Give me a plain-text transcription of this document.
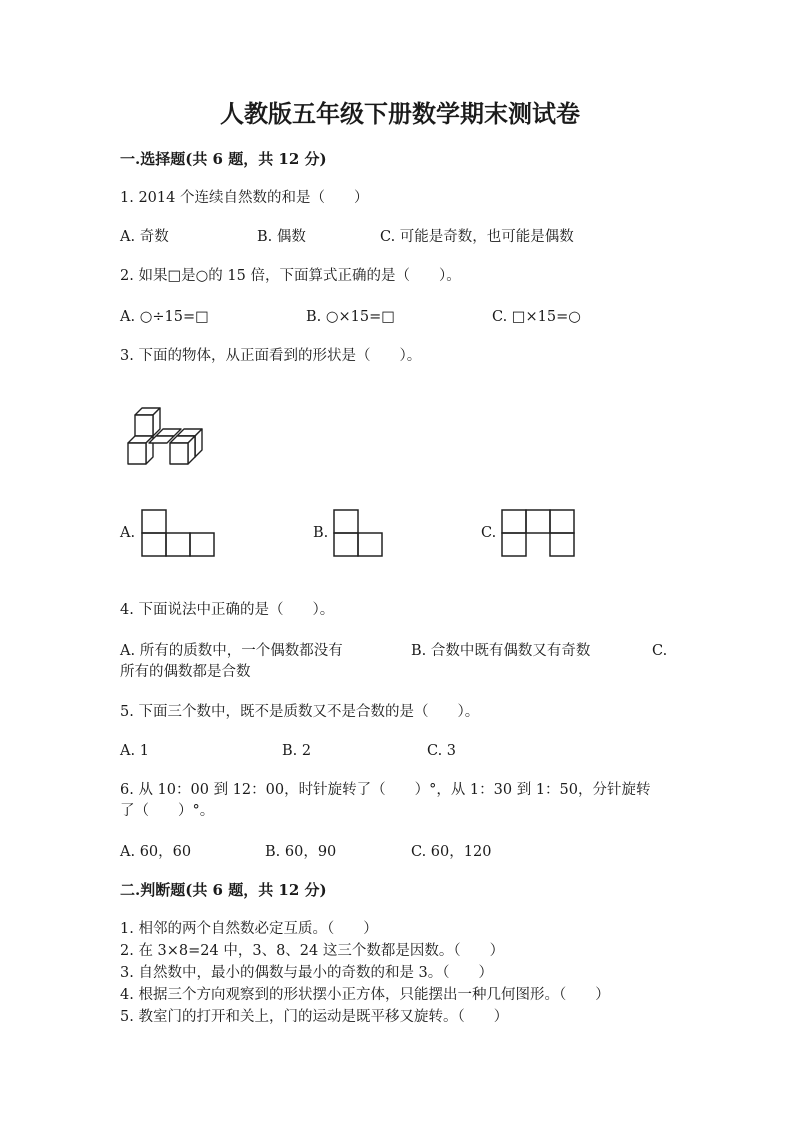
人教版五年级下册数学期末测试卷
一.选择题(共 6 题，共 12 分)
1. 2014 个连续自然数的和是（　　）
A. 奇数	B. 偶数	C. 可能是奇数，也可能是偶数
2. 如果□是○的 15 倍，下面算式正确的是（　　）。
A. ○÷15=□	B. ○×15=□	C. □×15=○
3. 下面的物体，从正面看到的形状是（　　）。
A.	B.	C.
4. 下面说法中正确的是（　　）。
A. 所有的质数中，一个偶数都没有	B. 合数中既有偶数又有奇数	C.
所有的偶数都是合数
5. 下面三个数中，既不是质数又不是合数的是（　　）。
A. 1	B. 2	C. 3
6. 从 10：00 到 12：00，时针旋转了（　　）°，从 1：30 到 1：50，分针旋转
了（　　）°。
A. 60，60	B. 60，90	C. 60，120
二.判断题(共 6 题，共 12 分)
1. 相邻的两个自然数必定互质。（　　）
2. 在 3×8=24 中，3、8、24 这三个数都是因数。（　　）
3. 自然数中，最小的偶数与最小的奇数的和是 3。（　　）
4. 根据三个方向观察到的形状摆小正方体，只能摆出一种几何图形。（　　）
5. 教室门的打开和关上，门的运动是既平移又旋转。（　　）
